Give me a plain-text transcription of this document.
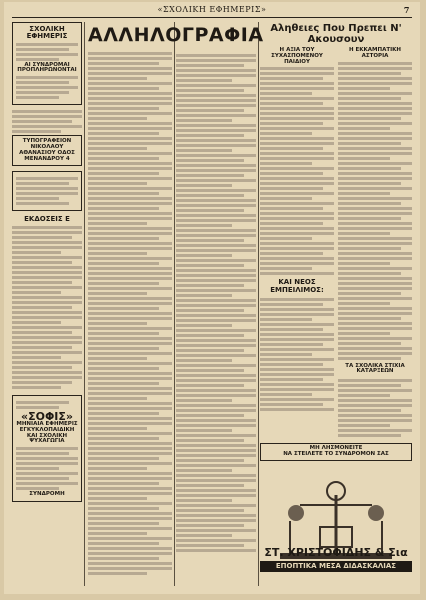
«ΣΧΟΛΙΚΗ ΕΦΗΜΕΡΙΣ»	7
ΣΧΟΛΙΚΗ ΕΦΗΜΕΡΙΣ
ΑΙ ΣΥΝΔΡΟΜΑΙ ΠΡΟΠΛΗΡΩΝΟΝΤΑΙ
ΤΥΠΟΓΡΑΦΕΙΟΝ ΝΙΚΟΛΑΟΥ ΑΘΑΝΑΣΙΟΥ ΟΔΟΣ ΜΕΝΑΝΔΡΟΥ 4
ΕΚΔΟΣΕΙΣ Ε
«ΣΟΦΙΣ»
ΜΗΝΙΑΙΑ ΕΦΗΜΕΡΙΣ ΕΓΚΥΚΛΟΠΑΙΔΙΚΗ ΚΑΙ ΣΧΟΛΙΚΗ ΨΥΧΑΓΩΓΙΑ
ΣΥΝΔΡΟΜΗ
ΑΛΛΗΛΟΓΡΑΦΙΑ Αληθειες Που Πρεπει Ν' Ακουσουν
Η ΑΞΙΑ ΤΟΥ ΣΥΧΑΣΠΟΜΕΝΟΥ ΠΑΙΔΙΟΥ
ΚΑΙ ΝΕΟΣ ΕΜΠΕΙΛΙΜΟΣ:
Η ΕΚΚΑΜΠΑΤΙΚΗ ΑΣΤΟΡΙΑ
ΤΑ ΣΧΟΛΙΚΑ ΣΤΙΧΙΑ ΚΑΤΑΡΞΕΩΝ
ΜΗ ΛΗΣΜΟΝΕΙΤΕ
ΝΑ ΣΤΕΙΛΕΤΕ ΤΟ ΣΥΝΔΡΟΜΟΝ ΣΑΣ
ΣΤ. ΧΡΙΣΤΟΦΙΔΗΣ & Σια
ΕΠΟΠΤΙΚΑ ΜΕΣΑ ΔΙΔΑΣΚΑΛΙΑΣ
